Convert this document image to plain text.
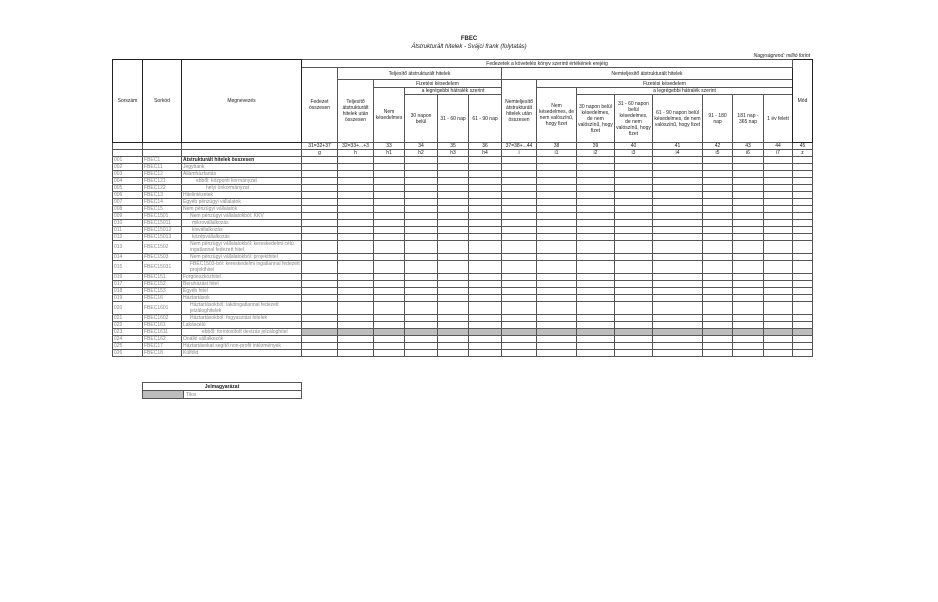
FBEC
Átstrukturált hitelek - Svájci frank (folytatás)
Nagyságrend: millió forint
Sorszám	Sorkód	Megnevezés	Fedezetek a követelés könyv szerinti értékének erejéig														Mód
			Fedezet összesen	Teljesítő átstrukturált hitelek					Nemteljesítő átstrukturált hitelek								
				Teljesítő átstrukturált hitelek után összesen	Fizetési késedelem				Nemteljesítő átstrukturált hitelek után összesen	Fizetési késedelem							
					Nem késedelmes	a legrégebbi hátralék szerint				Nem késedelmes, de nem valószínű, hogy fizet	a legrégebbi hátralék szerint						
						30 napon belül	31 - 60 nap	61 - 90 nap			30 napon belül késedelmes, de nem valószínű, hogy fizet	31 - 60 napon belül késedelmes, de nem valószínű, hogy fizet	61 - 90 napon belül késedelmes, de nem valószínű, hogy fizet	91 - 180 nap	181 nap - 365 nap	1 év felett	
			31=32+37	32=33+...+3	33	34	35	36	37=38+...44	38	39	40	41	42	43	44	45
			g	h	h1	h2	h3	h4	i	i1	i2	i3	i4	i5	i6	i7	z
001	FBEC1	Átstrukturált hitelek összesen															
002	FBEC11	Jegybank															
003	FBEC12	Államháztartás															
004	FBEC121	ebből: központi kormányzat															
005	FBEC122	helyi önkormányzat															
006	FBEC13	Hitelintézetek															
007	FBEC14	Egyéb pénzügyi vállalatok															
008	FBEC15	Nem pénzügyi vállalatok															
009	FBEC1501	Nem pénzügyi vállalatokból: KKV															
010	FBEC15011	mikrovállalkozás															
011	FBEC15012	kisvállalkozás															
012	FBEC15013	középvállalkozás															
013	FBEC1502	Nem pénzügyi vállalatokból: kereskedelmi célú ingatlannal fedezett hitel															
014	FBEC1503	Nem pénzügyi vállalatokból: projekthitel															
015	FBEC15031	FBEC1503-ból: kereskedelmi ingatlannal fedezett projekthitel															
016	FBEC151	Forgóeszközhitel															
017	FBEC152	Beruházási hitel															
018	FBEC153	Egyéb hitel															
019	FBEC16	Háztartások															
020	FBEC1601	Háztartásokból: lakóingatlannal fedezett jelzáloghitelek															
021	FBEC1602	Háztartásokból: fogyasztási hitelek															
022	FBEC161	Lakáscélú															
023	FBEC1611	ebből: forintosított devizás jelzáloghitel															
024	FBEC162	Önálló vállalkozók															
025	FBEC17	Háztartásokat segítő non-profit intézmények															
026	FBEC18	Külföld															
Jelmagyarázat
	Tilos
